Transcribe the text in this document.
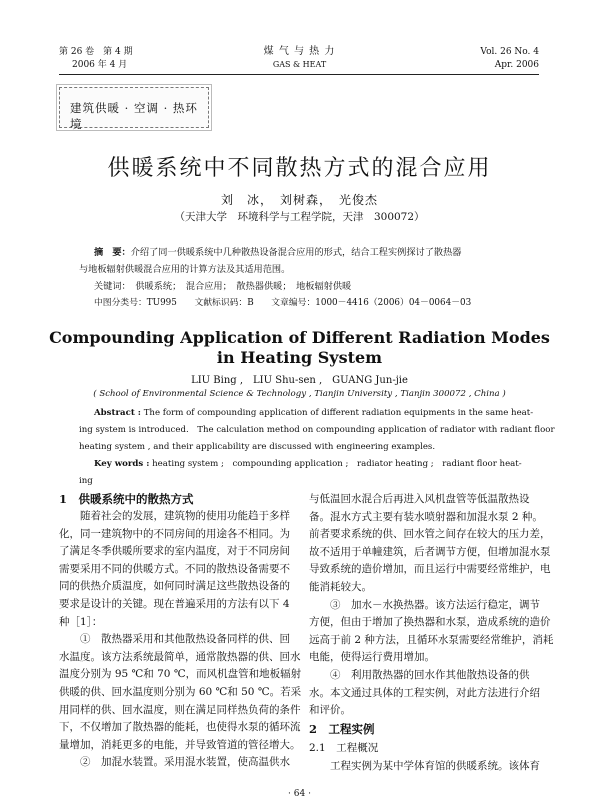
第 26 卷　第 4 期
2006 年 4 月
煤 气 与 热 力
GAS & HEAT
Vol. 26 No. 4
Apr. 2006
建筑供暖 · 空调 · 热环境
供暖系统中不同散热方式的混合应用
刘　冰，　刘树森，　光俊杰
（天津大学　环境科学与工程学院，天津　300072）
摘　要：介绍了同一供暖系统中几种散热设备混合应用的形式，结合工程实例探讨了散热器
与地板辐射供暖混合应用的计算方法及其适用范围。
关键词：　供暖系统；　混合应用；　散热器供暖；　地板辐射供暖
中图分类号：TU995　　文献标识码：B　　文章编号：1000－4416（2006）04－0064－03
Compounding Application of Different Radiation Modes
in Heating System
LIU Bing ,　LIU Shu-sen ,　GUANG Jun-jie
( School of Environmental Science & Technology , Tianjin University , Tianjin 300072 , China )
Abstract : The form of compounding application of different radiation equipments in the same heat-
ing system is introduced.　The calculation method on compounding application of radiator with radiant floor
heating system , and their applicability are discussed with engineering examples.
Key words : heating system ;　compounding application ;　radiator heating ;　radiant floor heat-
ing
1　供暖系统中的散热方式
　　随着社会的发展，建筑物的使用功能趋于多样
化，同一建筑物中的不同房间的用途各不相同。为
了满足冬季供暖所要求的室内温度，对于不同房间
需要采用不同的供暖方式。不同的散热设备需要不
同的供热介质温度，如何同时满足这些散热设备的
要求是设计的关键。现在普遍采用的方法有以下 4
种［1］：
　　①　散热器采用和其他散热设备同样的供、回
水温度。该方法系统最简单，通常散热器的供、回水
温度分别为 95 ℃和 70 ℃，而风机盘管和地板辐射
供暖的供、回水温度则分别为 60 ℃和 50 ℃。若采
用同样的供、回水温度，则在满足同样热负荷的条件
下，不仅增加了散热器的能耗，也使得水泵的循环流
量增加，消耗更多的电能，并导致管道的管径增大。
　　②　加混水装置。采用混水装置，使高温供水
与低温回水混合后再进入风机盘管等低温散热设
备。混水方式主要有装水喷射器和加混水泵 2 种。
前者要求系统的供、回水管之间存在较大的压力差，
故不适用于单幢建筑，后者调节方便，但增加混水泵
导致系统的造价增加，而且运行中需要经常维护，电
能消耗较大。
　　③　加水－水换热器。该方法运行稳定，调节
方便，但由于增加了换热器和水泵，造成系统的造价
远高于前 2 种方法，且循环水泵需要经常维护，消耗
电能，使得运行费用增加。
　　④　利用散热器的回水作其他散热设备的供
水。本文通过具体的工程实例，对此方法进行介绍
和评价。
2　工程实例
2.1　工程概况
　　工程实例为某中学体育馆的供暖系统。该体育
· 64 ·
